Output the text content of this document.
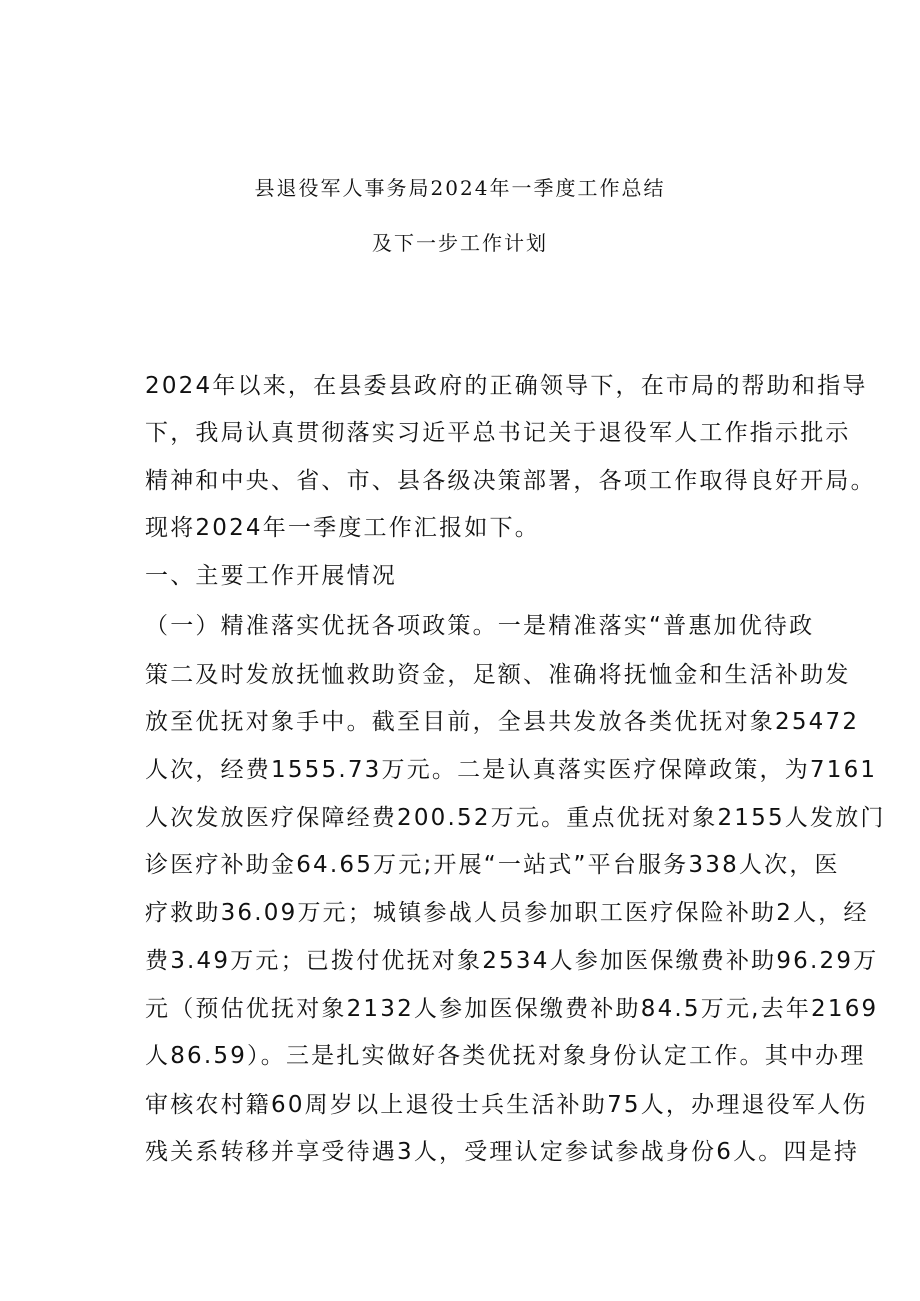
县退役军人事务局2024年一季度工作总结
及下一步工作计划
2024年以来，在县委县政府的正确领导下，在市局的帮助和指导
下，我局认真贯彻落实习近平总书记关于退役军人工作指示批示
精神和中央、省、市、县各级决策部署，各项工作取得良好开局。
现将2024年一季度工作汇报如下。
一、主要工作开展情况
（一）精准落实优抚各项政策。一是精准落实“普惠加优待政
策二及时发放抚恤救助资金，足额、准确将抚恤金和生活补助发
放至优抚对象手中。截至目前，全县共发放各类优抚对象25472
人次，经费1555.73万元。二是认真落实医疗保障政策，为7161
人次发放医疗保障经费200.52万元。重点优抚对象2155人发放门
诊医疗补助金64.65万元;开展“一站式”平台服务338人次，医
疗救助36.09万元；城镇参战人员参加职工医疗保险补助2人，经
费3.49万元；已拨付优抚对象2534人参加医保缴费补助96.29万
元（预估优抚对象2132人参加医保缴费补助84.5万元,去年2169
人86.59）。三是扎实做好各类优抚对象身份认定工作。其中办理
审核农村籍60周岁以上退役士兵生活补助75人，办理退役军人伤
残关系转移并享受待遇3人，受理认定参试参战身份6人。四是持
